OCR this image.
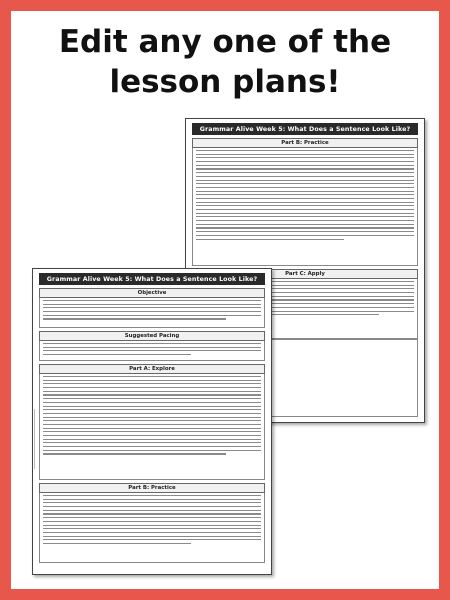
Edit any one of the
lesson plans!
Grammar Alive Week 5: What Does a Sentence Look Like?
Part B: Practice
Part C: Apply
Grammar Alive Week 5: What Does a Sentence Look Like?
Objective
Suggested Pacing
Part A: Explore
Part B: Practice
